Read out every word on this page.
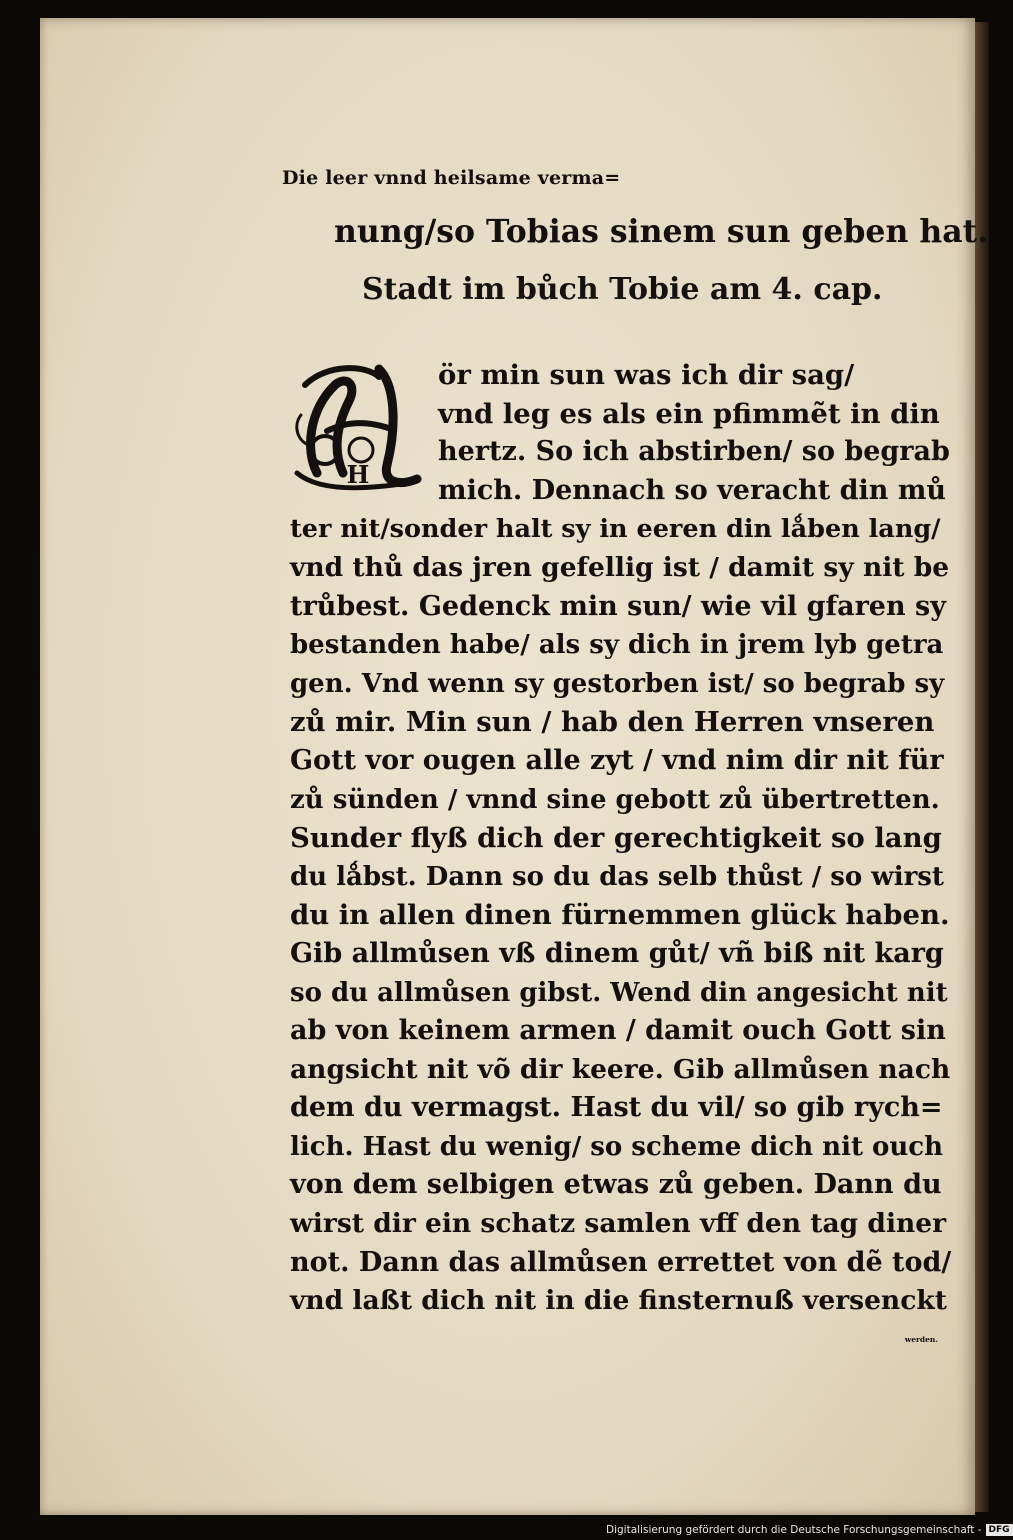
Die leer vnnd heilsame verma=
nung/so Tobias sinem sun geben hat.
Stadt im bůch Tobie am 4. cap.
H
ör min sun was ich dir sag/
vnd leg es als ein pfimmẽt in din
hertz. So ich abstirben/ so begrab
mich. Dennach so veracht din mů
ter nit/sonder halt sy in eeren din lǻben lang/
vnd thů das jren gefellig ist / damit sy nit be
trůbest. Gedenck min sun/ wie vil gfaren sy
bestanden habe/ als sy dich in jrem lyb getra
gen. Vnd wenn sy gestorben ist/ so begrab sy
zů mir. Min sun / hab den Herren vnseren
Gott vor ougen alle zyt / vnd nim dir nit für
zů sünden / vnnd sine gebott zů übertretten.
Sunder flyß dich der gerechtigkeit so lang
du lǻbst. Dann so du das selb thůst / so wirst
du in allen dinen fürnemmen glück haben.
Gib allmůsen vß dinem gůt/ vñ biß nit karg
so du allmůsen gibst. Wend din angesicht nit
ab von keinem armen / damit ouch Gott sin
angsicht nit võ dir keere. Gib allmůsen nach
dem du vermagst. Hast du vil/ so gib rych=
lich. Hast du wenig/ so scheme dich nit ouch
von dem selbigen etwas zů geben. Dann du
wirst dir ein schatz samlen vff den tag diner
not. Dann das allmůsen errettet von dẽ tod/
vnd laßt dich nit in die finsternuß versenckt
werden.
Digitalisierung gefördert durch die Deutsche Forschungsgemeinschaft - DFG
